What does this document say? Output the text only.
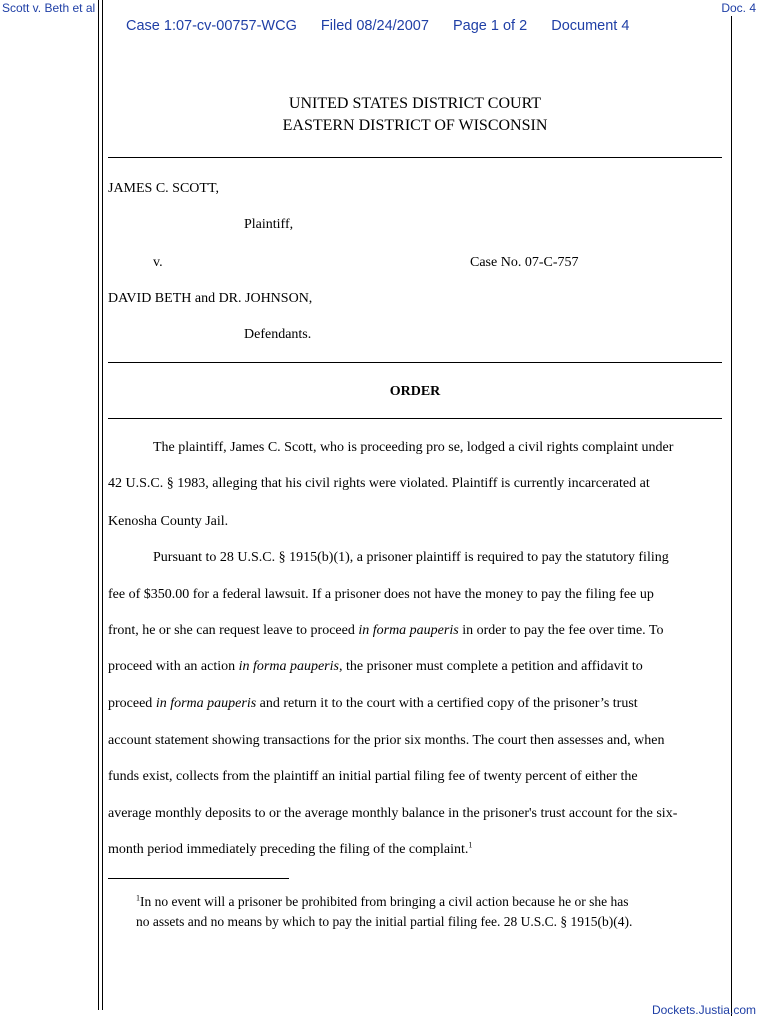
Scott v. Beth et al	Doc. 4
Case 1:07-cv-00757-WCG Filed 08/24/2007 Page 1 of 2 Document 4
UNITED STATES DISTRICT COURT
EASTERN DISTRICT OF WISCONSIN
JAMES C. SCOTT,
Plaintiff,
v.	Case No. 07-C-757
DAVID BETH and DR. JOHNSON,
Defendants.
ORDER
The plaintiff, James C. Scott, who is proceeding pro se, lodged a civil rights complaint under
42 U.S.C. § 1983, alleging that his civil rights were violated. Plaintiff is currently incarcerated at
Kenosha County Jail.
Pursuant to 28 U.S.C. § 1915(b)(1), a prisoner plaintiff is required to pay the statutory filing
fee of $350.00 for a federal lawsuit. If a prisoner does not have the money to pay the filing fee up
front, he or she can request leave to proceed in forma pauperis in order to pay the fee over time. To
proceed with an action in forma pauperis, the prisoner must complete a petition and affidavit to
proceed in forma pauperis and return it to the court with a certified copy of the prisoner’s trust
account statement showing transactions for the prior six months. The court then assesses and, when
funds exist, collects from the plaintiff an initial partial filing fee of twenty percent of either the
average monthly deposits to or the average monthly balance in the prisoner's trust account for the six-
month period immediately preceding the filing of the complaint.$^1$
$^1$In no event will a prisoner be prohibited from bringing a civil action because he or she has
no assets and no means by which to pay the initial partial filing fee. 28 U.S.C. § 1915(b)(4).
Dockets.Justia.com
